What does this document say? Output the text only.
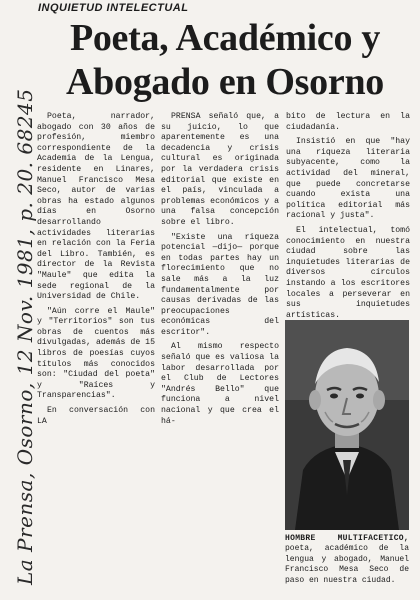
INQUIETUD INTELECTUAL
Poeta, Académico y
Abogado en Osorno
La Prensa, Osorno, 12 Nov. 1981, p. 20. 68245	Poeta, narrador, abogado con 30 años de profesión, miembro correspondiente de la Academia de la Lengua, residente en Linares, Manuel Francisco Mesa Seco, autor de varias obras ha estado algunos días en Osorno desarrollando actividades literarias en relación con la Feria del Libro. También, es director de la Revista "Maule" que edita la sede regional de la Universidad de Chile.

"Aún corre el Maule" y "Territorios" son tus obras de cuentos más divulgadas, además de 15 libros de poesías cuyos títulos más conocidos son: "Ciudad del poeta" y "Raíces y Transparencias".

En conversación con LA

PRENSA señaló que, a su juicio, lo que aparentemente es una decadencia y crisis cultural es originada por la verdadera crisis editorial que existe en el país, vinculada a problemas económicos y a una falsa concepción sobre el libro.

"Existe una riqueza potencial —dijo— porque en todas partes hay un florecimiento que no sale más a la luz fundamentalmente por causas derivadas de las preocupaciones económicas del escritor".

Al mismo respecto señaló que es valiosa la labor desarrollada por el Club de Lectores "Andrés Bello" que funciona a nivel nacional y que crea el há-

bito de lectura en la ciudadanía.

Insistió en que "hay una riqueza literaria subyacente, como la actividad del mineral, que puede concretarse cuando exista una política editorial más racional y justa".

El intelectual, tomó conocimiento en nuestra ciudad sobre las inquietudes literarias de diversos círculos instando a los escritores locales a perseverar en sus inquietudes artísticas.

HOMBRE MULTIFACETICO, poeta, académico de la lengua y abogado, Manuel Francisco Mesa Seco de paso en nuestra ciudad.
